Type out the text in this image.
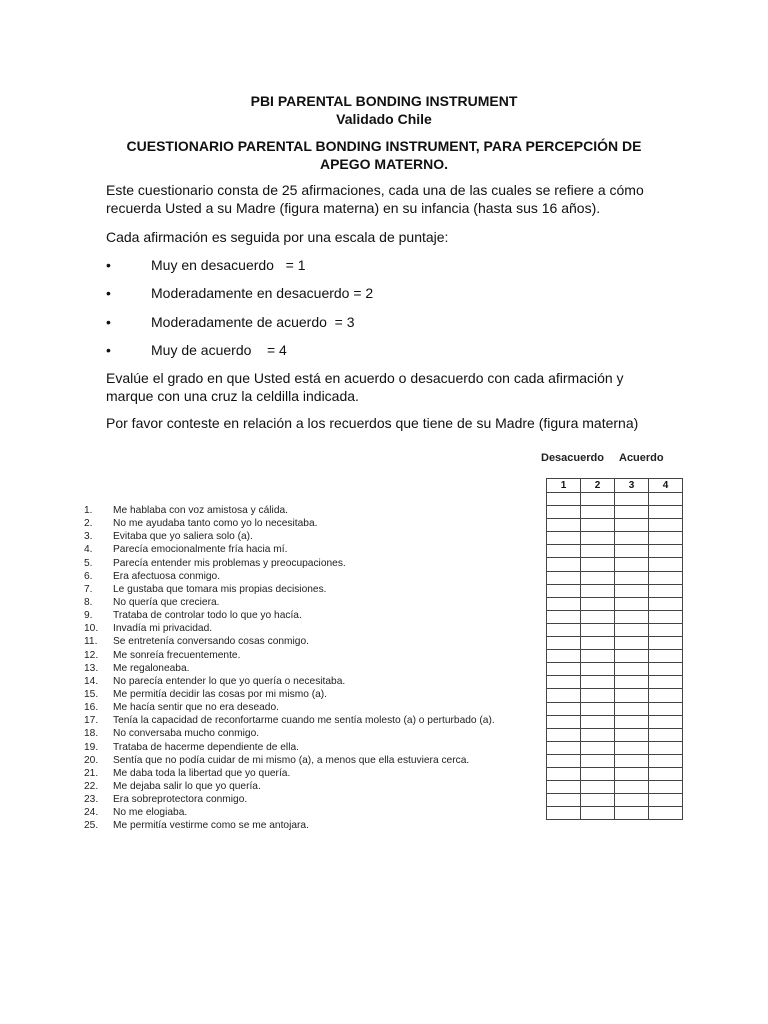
PBI PARENTAL BONDING INSTRUMENT
Validado Chile
CUESTIONARIO PARENTAL BONDING INSTRUMENT, PARA PERCEPCIÓN DE
APEGO MATERNO.
Este cuestionario consta de 25 afirmaciones, cada una de las cuales se refiere a cómo
recuerda Usted a su Madre (figura materna) en su infancia (hasta sus 16 años).
Cada afirmación es seguida por una escala de puntaje:
•	Muy en desacuerdo   = 1
•	Moderadamente en desacuerdo = 2
•	Moderadamente de acuerdo  = 3
•	Muy de acuerdo    = 4
Evalúe el grado en que Usted está en acuerdo o desacuerdo con cada afirmación y
marque con una cruz la celdilla indicada.
Por favor conteste en relación a los recuerdos que tiene de su Madre (figura materna)
Desacuerdo Acuerdo
1.	Me hablaba con voz amistosa y cálida.
2.	No me ayudaba tanto como yo lo necesitaba.
3.	Evitaba que yo saliera solo (a).
4.	Parecía emocionalmente fría hacia mí.
5.	Parecía entender mis problemas y preocupaciones.
6.	Era afectuosa conmigo.
7.	Le gustaba que tomara mis propias decisiones.
8.	No quería que creciera.
9.	Trataba de controlar todo lo que yo hacía.
10.	Invadía mi privacidad.
11.	Se entretenía conversando cosas conmigo.
12.	Me sonreía frecuentemente.
13.	Me regaloneaba.
14.	No parecía entender lo que yo quería o necesitaba.
15.	Me permitía decidir las cosas por mi mismo (a).
16.	Me hacía sentir que no era deseado.
17.	Tenía la capacidad de reconfortarme cuando me sentía molesto (a) o perturbado (a).
18.	No conversaba mucho conmigo.
19.	Trataba de hacerme dependiente de ella.
20.	Sentía que no podía cuidar de mi mismo (a), a menos que ella estuviera cerca.
21.	Me daba toda la libertad que yo quería.
22.	Me dejaba salir lo que yo quería.
23.	Era sobreprotectora conmigo.
24.	No me elogiaba.
25.	Me permitía vestirme como se me antojara.
1	2	3	4
